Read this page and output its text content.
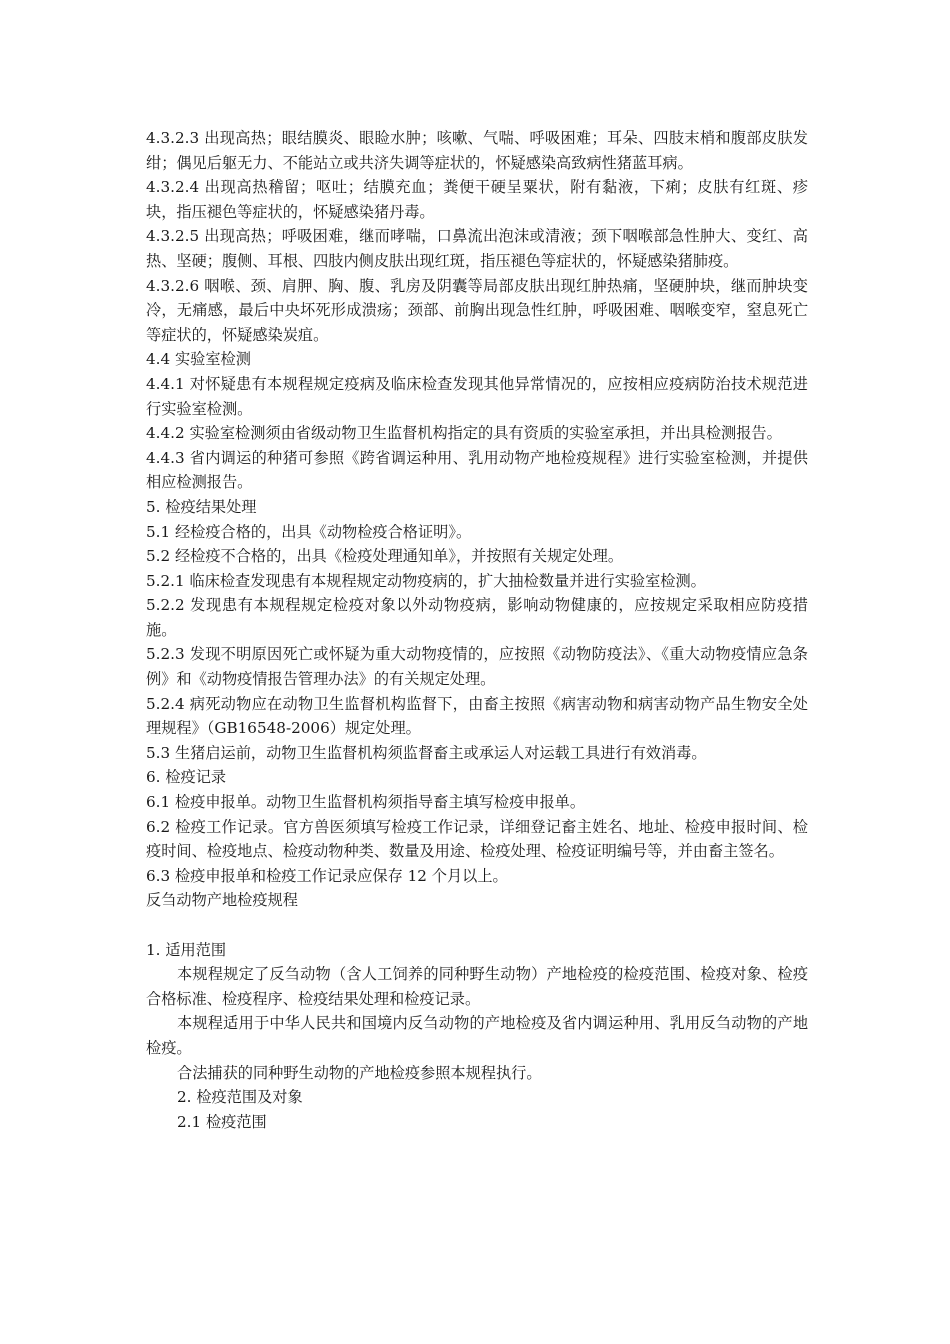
4.3.2.3 出现高热；眼结膜炎、眼睑水肿；咳嗽、气喘、呼吸困难；耳朵、四肢末梢和腹部皮肤发绀；偶见后躯无力、不能站立或共济失调等症状的，怀疑感染高致病性猪蓝耳病。

4.3.2.4 出现高热稽留；呕吐；结膜充血；粪便干硬呈粟状，附有黏液，下痢；皮肤有红斑、疹块，指压褪色等症状的，怀疑感染猪丹毒。

4.3.2.5 出现高热；呼吸困难，继而哮喘，口鼻流出泡沫或清液；颈下咽喉部急性肿大、变红、高热、坚硬；腹侧、耳根、四肢内侧皮肤出现红斑，指压褪色等症状的，怀疑感染猪肺疫。

4.3.2.6 咽喉、颈、肩胛、胸、腹、乳房及阴囊等局部皮肤出现红肿热痛，坚硬肿块，继而肿块变冷，无痛感，最后中央坏死形成溃疡；颈部、前胸出现急性红肿，呼吸困难、咽喉变窄，窒息死亡等症状的，怀疑感染炭疽。

4.4 实验室检测

4.4.1 对怀疑患有本规程规定疫病及临床检查发现其他异常情况的，应按相应疫病防治技术规范进行实验室检测。

4.4.2 实验室检测须由省级动物卫生监督机构指定的具有资质的实验室承担，并出具检测报告。

4.4.3 省内调运的种猪可参照《跨省调运种用、乳用动物产地检疫规程》进行实验室检测，并提供相应检测报告。

5. 检疫结果处理

5.1 经检疫合格的，出具《动物检疫合格证明》。

5.2 经检疫不合格的，出具《检疫处理通知单》，并按照有关规定处理。

5.2.1 临床检查发现患有本规程规定动物疫病的，扩大抽检数量并进行实验室检测。

5.2.2 发现患有本规程规定检疫对象以外动物疫病，影响动物健康的，应按规定采取相应防疫措施。

5.2.3 发现不明原因死亡或怀疑为重大动物疫情的，应按照《动物防疫法》、《重大动物疫情应急条例》和《动物疫情报告管理办法》的有关规定处理。

5.2.4 病死动物应在动物卫生监督机构监督下，由畜主按照《病害动物和病害动物产品生物安全处理规程》（GB16548-2006）规定处理。

5.3 生猪启运前，动物卫生监督机构须监督畜主或承运人对运载工具进行有效消毒。

6. 检疫记录

6.1 检疫申报单。动物卫生监督机构须指导畜主填写检疫申报单。

6.2 检疫工作记录。官方兽医须填写检疫工作记录，详细登记畜主姓名、地址、检疫申报时间、检疫时间、检疫地点、检疫动物种类、数量及用途、检疫处理、检疫证明编号等，并由畜主签名。

6.3 检疫申报单和检疫工作记录应保存 12 个月以上。

反刍动物产地检疫规程

1. 适用范围

本规程规定了反刍动物（含人工饲养的同种野生动物）产地检疫的检疫范围、检疫对象、检疫合格标准、检疫程序、检疫结果处理和检疫记录。

本规程适用于中华人民共和国境内反刍动物的产地检疫及省内调运种用、乳用反刍动物的产地检疫。

合法捕获的同种野生动物的产地检疫参照本规程执行。

2. 检疫范围及对象

2.1 检疫范围
